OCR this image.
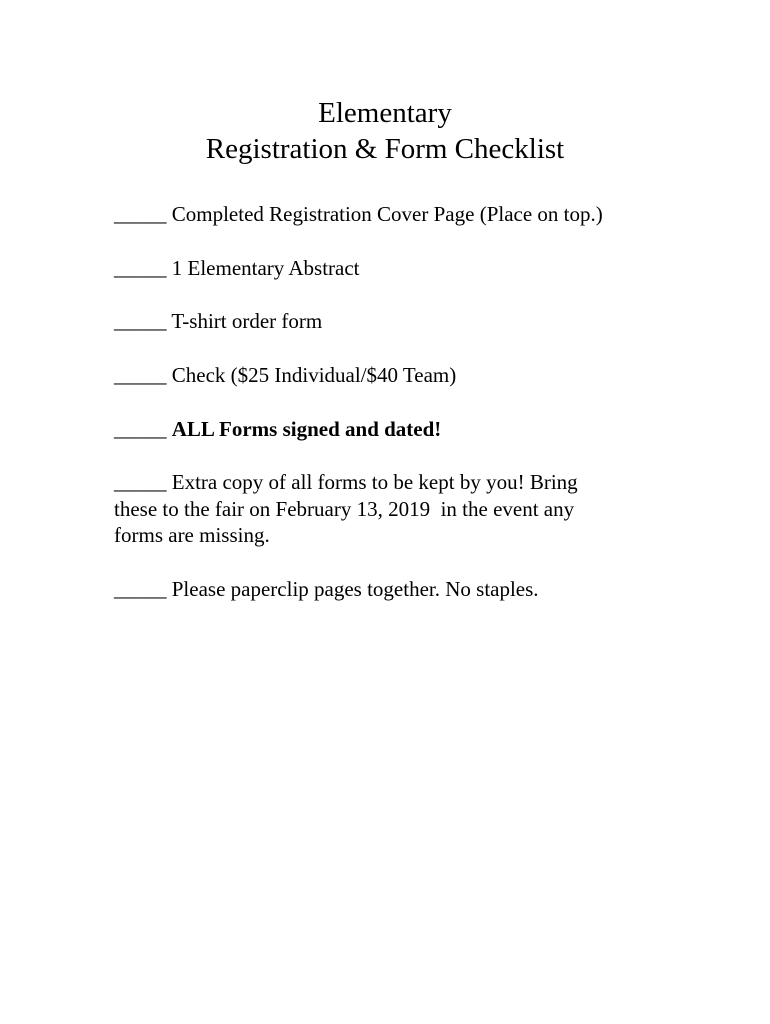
Elementary
Registration & Form Checklist
_____ Completed Registration Cover Page (Place on top.)
_____ 1 Elementary Abstract
_____ T-shirt order form
_____ Check ($25 Individual/$40 Team)
_____ ALL Forms signed and dated!
_____ Extra copy of all forms to be kept by you! Bring
these to the fair on February 13, 2019  in the event any
forms are missing.
_____ Please paperclip pages together. No staples.
